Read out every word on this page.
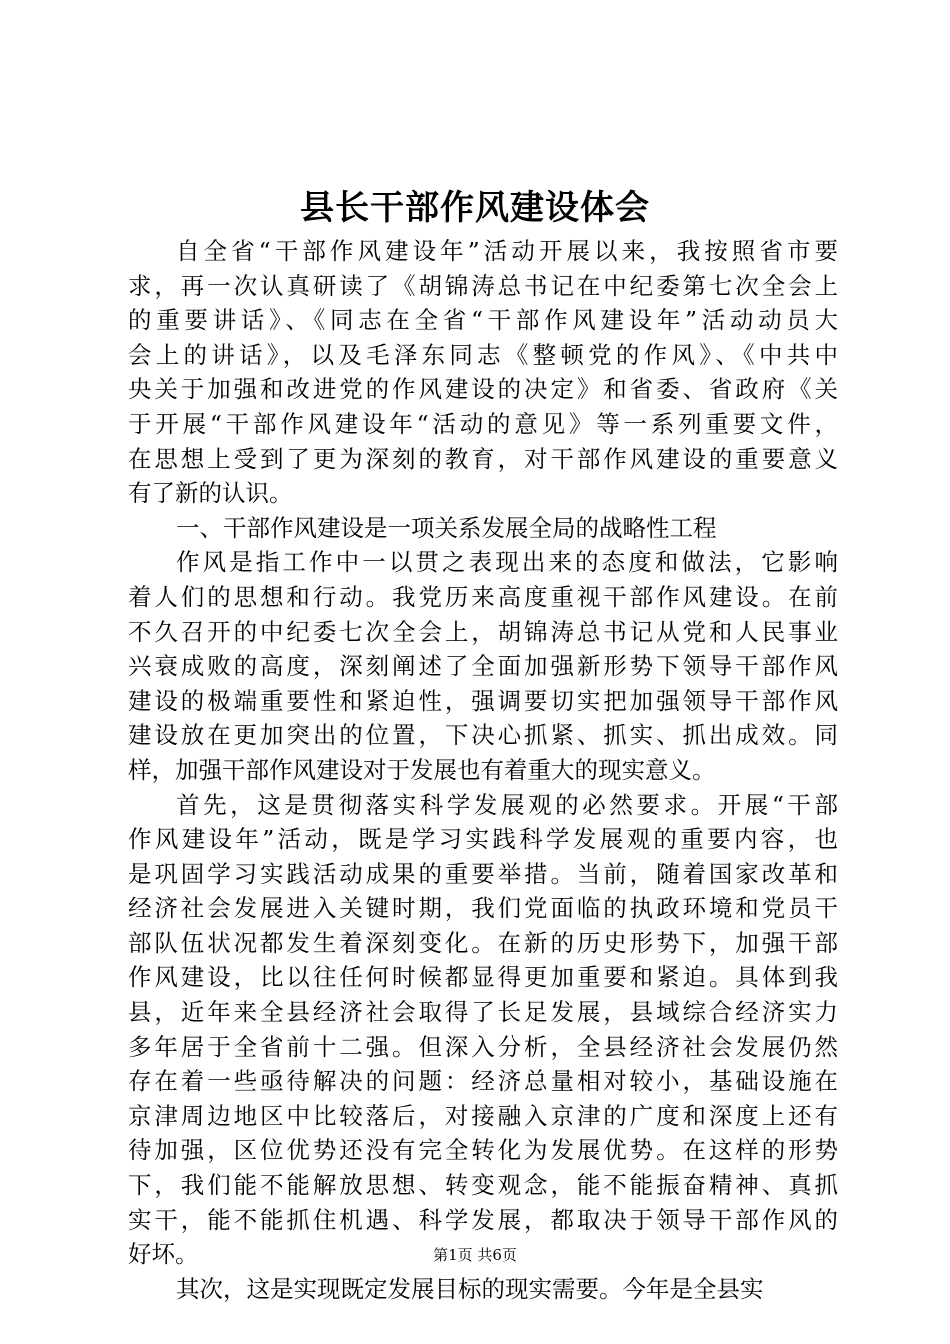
县长干部作风建设体会
自全省“干部作风建设年”活动开展以来，我按照省市要
求，再一次认真研读了《胡锦涛总书记在中纪委第七次全会上
的重要讲话》、《同志在全省“干部作风建设年”活动动员大
会上的讲话》，以及毛泽东同志《整顿党的作风》、《中共中
央关于加强和改进党的作风建设的决定》和省委、省政府《关
于开展“干部作风建设年“活动的意见》等一系列重要文件，
在思想上受到了更为深刻的教育，对干部作风建设的重要意义
有了新的认识。
一、干部作风建设是一项关系发展全局的战略性工程
作风是指工作中一以贯之表现出来的态度和做法，它影响
着人们的思想和行动。我党历来高度重视干部作风建设。在前
不久召开的中纪委七次全会上，胡锦涛总书记从党和人民事业
兴衰成败的高度，深刻阐述了全面加强新形势下领导干部作风
建设的极端重要性和紧迫性，强调要切实把加强领导干部作风
建设放在更加突出的位置，下决心抓紧、抓实、抓出成效。同
样，加强干部作风建设对于发展也有着重大的现实意义。
首先，这是贯彻落实科学发展观的必然要求。开展“干部
作风建设年”活动，既是学习实践科学发展观的重要内容，也
是巩固学习实践活动成果的重要举措。当前，随着国家改革和
经济社会发展进入关键时期，我们党面临的执政环境和党员干
部队伍状况都发生着深刻变化。在新的历史形势下，加强干部
作风建设，比以往任何时候都显得更加重要和紧迫。具体到我
县，近年来全县经济社会取得了长足发展，县域综合经济实力
多年居于全省前十二强。但深入分析，全县经济社会发展仍然
存在着一些亟待解决的问题：经济总量相对较小，基础设施在
京津周边地区中比较落后，对接融入京津的广度和深度上还有
待加强，区位优势还没有完全转化为发展优势。在这样的形势
下，我们能不能解放思想、转变观念，能不能振奋精神、真抓
实干，能不能抓住机遇、科学发展，都取决于领导干部作风的
好坏。
其次，这是实现既定发展目标的现实需要。今年是全县实
第1页 共6页
